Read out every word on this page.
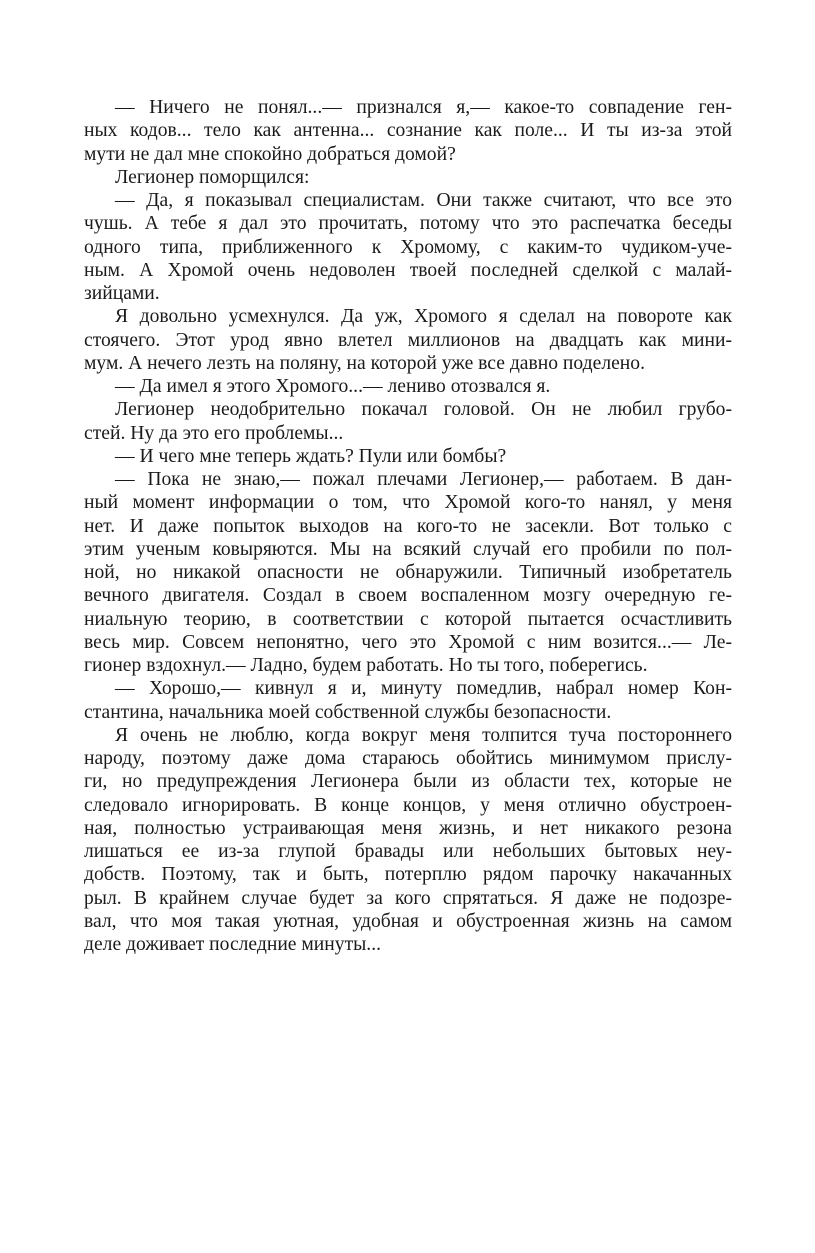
— Ничего не понял...— признался я,— какое-то совпадение ген-
ных кодов... тело как антенна... сознание как поле... И ты из-за этой
мути не дал мне спокойно добраться домой?
Легионер поморщился:
— Да, я показывал специалистам. Они также считают, что все это
чушь. А тебе я дал это прочитать, потому что это распечатка беседы
одного типа, приближенного к Хромому, с каким-то чудиком-уче-
ным. А Хромой очень недоволен твоей последней сделкой с малай-
зийцами.
Я довольно усмехнулся. Да уж, Хромого я сделал на повороте как
стоячего. Этот урод явно влетел миллионов на двадцать как мини-
мум. А нечего лезть на поляну, на которой уже все давно поделено.
— Да имел я этого Хромого...— лениво отозвался я.
Легионер неодобрительно покачал головой. Он не любил грубо-
стей. Ну да это его проблемы...
— И чего мне теперь ждать? Пули или бомбы?
— Пока не знаю,— пожал плечами Легионер,— работаем. В дан-
ный момент информации о том, что Хромой кого-то нанял, у меня
нет. И даже попыток выходов на кого-то не засекли. Вот только с
этим ученым ковыряются. Мы на всякий случай его пробили по пол-
ной, но никакой опасности не обнаружили. Типичный изобретатель
вечного двигателя. Создал в своем воспаленном мозгу очередную ге-
ниальную теорию, в соответствии с которой пытается осчастливить
весь мир. Совсем непонятно, чего это Хромой с ним возится...— Ле-
гионер вздохнул.— Ладно, будем работать. Но ты того, поберегись.
— Хорошо,— кивнул я и, минуту помедлив, набрал номер Кон-
стантина, начальника моей собственной службы безопасности.
Я очень не люблю, когда вокруг меня толпится туча постороннего
народу, поэтому даже дома стараюсь обойтись минимумом прислу-
ги, но предупреждения Легионера были из области тех, которые не
следовало игнорировать. В конце концов, у меня отлично обустроен-
ная, полностью устраивающая меня жизнь, и нет никакого резона
лишаться ее из-за глупой бравады или небольших бытовых неу-
добств. Поэтому, так и быть, потерплю рядом парочку накачанных
рыл. В крайнем случае будет за кого спрятаться. Я даже не подозре-
вал, что моя такая уютная, удобная и обустроенная жизнь на самом
деле доживает последние минуты...
